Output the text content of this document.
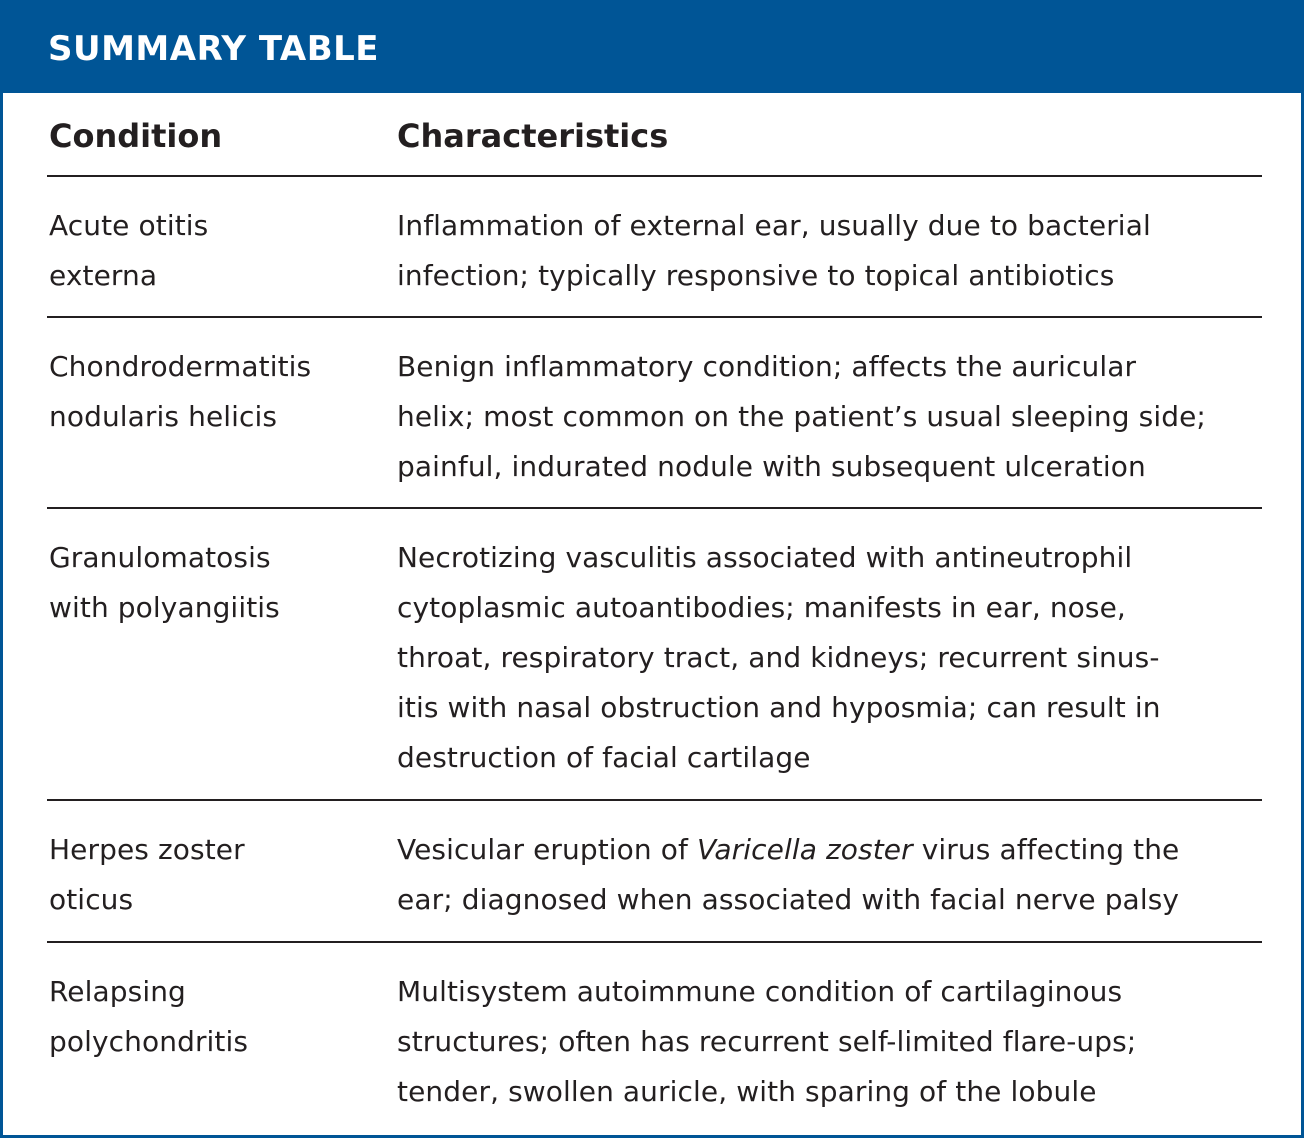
SUMMARY TABLE
Condition	Characteristics
Acute otitis
externa
Inflammation of external ear, usually due to bacterial
infection; typically responsive to topical antibiotics
Chondrodermatitis
nodularis helicis
Benign inflammatory condition; affects the auricular
helix; most common on the patient’s usual sleeping side;
painful, indurated nodule with subsequent ulceration
Granulomatosis
with polyangiitis
Necrotizing vasculitis associated with antineutrophil
cytoplasmic autoantibodies; manifests in ear, nose,
throat, respiratory tract, and kidneys; recurrent sinus-
itis with nasal obstruction and hyposmia; can result in
destruction of facial cartilage
Herpes zoster
oticus
Vesicular eruption of Varicella zoster virus affecting the
ear; diagnosed when associated with facial nerve palsy
Relapsing
polychondritis
Multisystem autoimmune condition of cartilaginous
structures; often has recurrent self-limited flare-ups;
tender, swollen auricle, with sparing of the lobule
